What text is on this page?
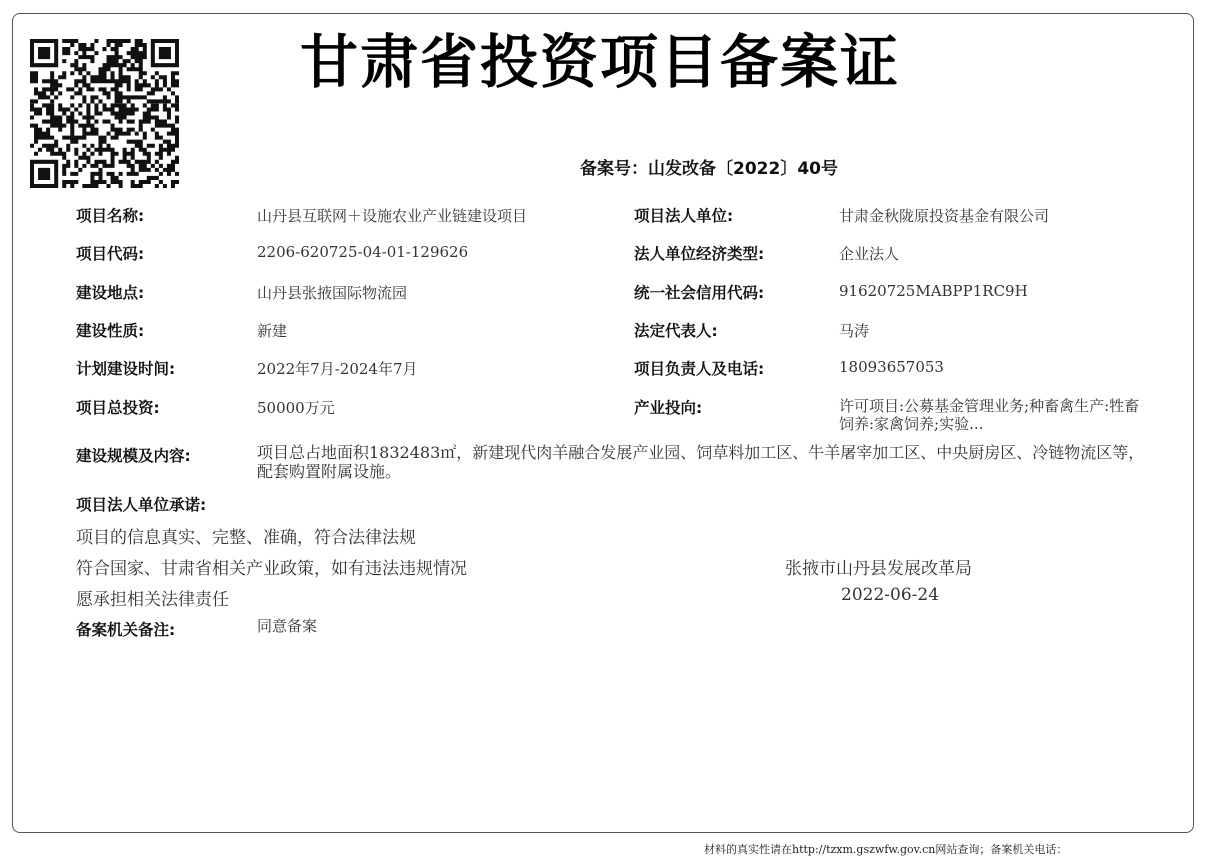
甘肃省投资项目备案证
备案号：山发改备〔2022〕40号
项目名称:	山丹县互联网＋设施农业产业链建设项目
项目代码:	2206-620725-04-01-129626
建设地点:	山丹县张掖国际物流园
建设性质:	新建
计划建设时间:	2022年7月-2024年7月
项目总投资:	50000万元
项目法人单位:	甘肃金秋陇原投资基金有限公司
法人单位经济类型:	企业法人
统一社会信用代码:	91620725MABPP1RC9H
法定代表人:	马涛
项目负责人及电话:	18093657053
产业投向:	许可项目:公募基金管理业务;种畜禽生产:牲畜饲养:家禽饲养;实验...
建设规模及内容:	项目总占地面积1832483㎡，新建现代肉羊融合发展产业园、饲草料加工区、牛羊屠宰加工区、中央厨房区、冷链物流区等，配套购置附属设施。
项目法人单位承诺:
项目的信息真实、完整、准确，符合法律法规
符合国家、甘肃省相关产业政策，如有违法违规情况
愿承担相关法律责任
张掖市山丹县发展改革局
2022-06-24
备案机关备注:	同意备案
材料的真实性请在http://tzxm.gszwfw.gov.cn网站查询；备案机关电话：
